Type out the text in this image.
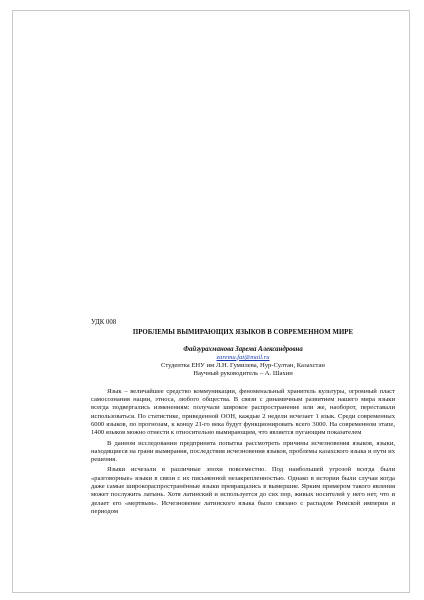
УДК 008

ПРОБЛЕМЫ ВЫМИРАЮЩИХ ЯЗЫКОВ В СОВРЕМЕННОМ МИРЕ

Файзурахманова Зарема Александровна

zaremu.fat@mail.ru

Студентка ЕНУ им Л.Н. Гумилева, Нур-Султан, Казахстан

Научный руководитель – А. Шахин

Язык – величайшее средство коммуникации, феноменальный хранитель культуры, огромный пласт самосознания нации, этноса, любого общества. В связи с динамичным развитием нашего мира языки всегда подвергались изменениям: получали широкое распространение или же, наоборот, переставали использоваться. По статистике, приведенной ООН, каждые 2 недели исчезает 1 язык. Среди современных 6000 языков, по прогнозам, к концу 21-го века будут функционировать всего 3000. На современном этапе, 1400 языков можно отнести к относительно вымирающим, что является пугающим показателем

В данном исследовании предпринята попытка рассмотреть причины исчезновения языков, языки, находящиеся на грани вымирания, последствия исчезновения языков, проблемы казахского языка и пути их решения.

Языки исчезали в различные эпохи повсеместно. Под наибольшей угрозой всегда были «разговорные» языки в связи с их письменной незакрепленностью. Однако в истории были случаи когда даже самые широкораспространённые языки превращались в вымершие. Ярким примером такого явления может послужить латынь. Хотя латинский и используется до сих пор, живых носителей у него нет, что и делает его «мертвым». Исчезновение латинского языка было связано с распадом Римской империи и периодом
